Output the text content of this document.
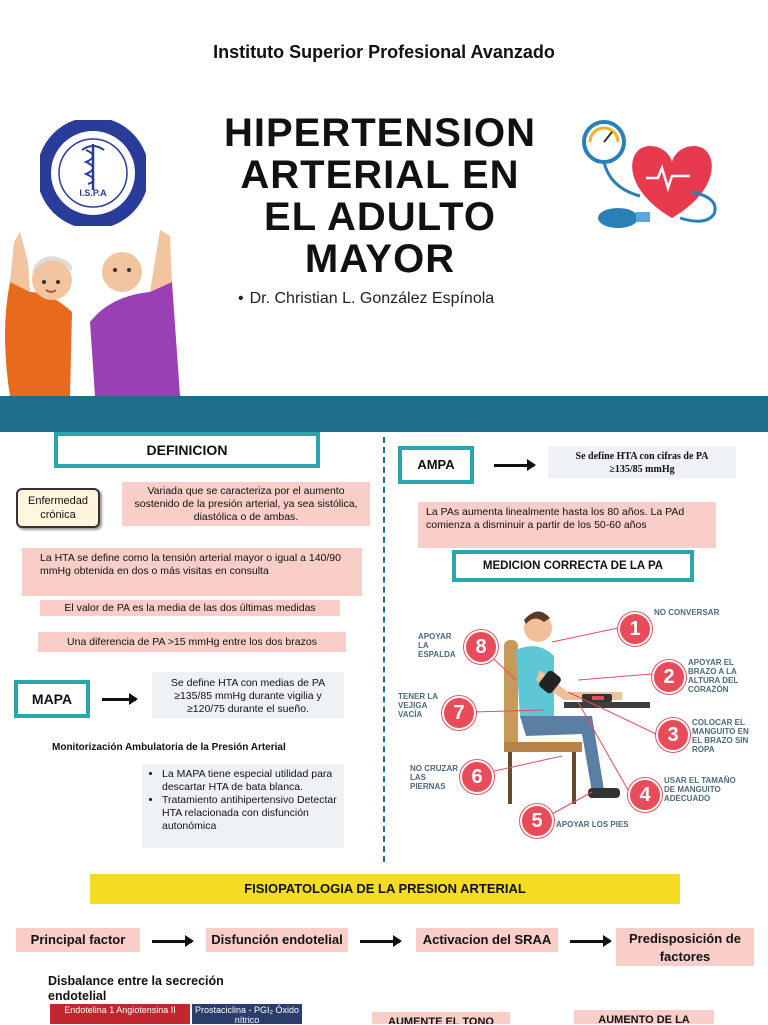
Instituto Superior Profesional Avanzado
I.S.P.A
HIPERTENSION
ARTERIAL EN
EL ADULTO
MAYOR
• Dr. Christian L. González Espínola
DEFINICION
Enfermedad crónica
Variada que se caracteriza por el aumento sostenido de la presión arterial, ya sea sistólica, diastólica o de ambas.
La HTA se define como la tensión arterial mayor o igual a 140/90 mmHg obtenida en dos o más visitas en consulta
El valor de PA es la media de las dos últimas medidas
Una diferencia de PA >15 mmHg entre los dos brazos
MAPA
Se define HTA con medias de PA ≥135/85 mmHg durante vigilia y ≥120/75 durante el sueño.
Monitorización Ambulatoria de la Presión Arterial
• La MAPA tiene especial utilidad para descartar HTA de bata blanca.
• Tratamiento antihipertensivo Detectar HTA relacionada con disfunción autonómica
AMPA
Se define HTA con cifras de PA ≥135/85 mmHg
La PAs aumenta linealmente hasta los 80 años. La PAd comienza a disminuir a partir de los 50-60 años
MEDICION CORRECTA DE LA PA
1
NO CONVERSAR
2
APOYAR EL BRAZO A LA ALTURA DEL CORAZÓN
3
COLOCAR EL MANGUITO EN EL BRAZO SIN ROPA
4
USAR EL TAMAÑO DE MANGUITO ADECUADO
5	APOYAR LOS PIES
6
NO CRUZAR LAS PIERNAS
7
TENER LA VEJIGA VACÍA
8
APOYAR LA ESPALDA
FISIOPATOLOGIA DE LA PRESION ARTERIAL
Principal factor	Disfunción endotelial	Activacion del SRAA	Predisposición de factores
Disbalance entre la secreción endotelial
Endotelina 1 Angiotensina II	Prostaciclina - PGI₂ Óxido nítrico	AUMENTE EL TONO	AUMENTO DE LA
